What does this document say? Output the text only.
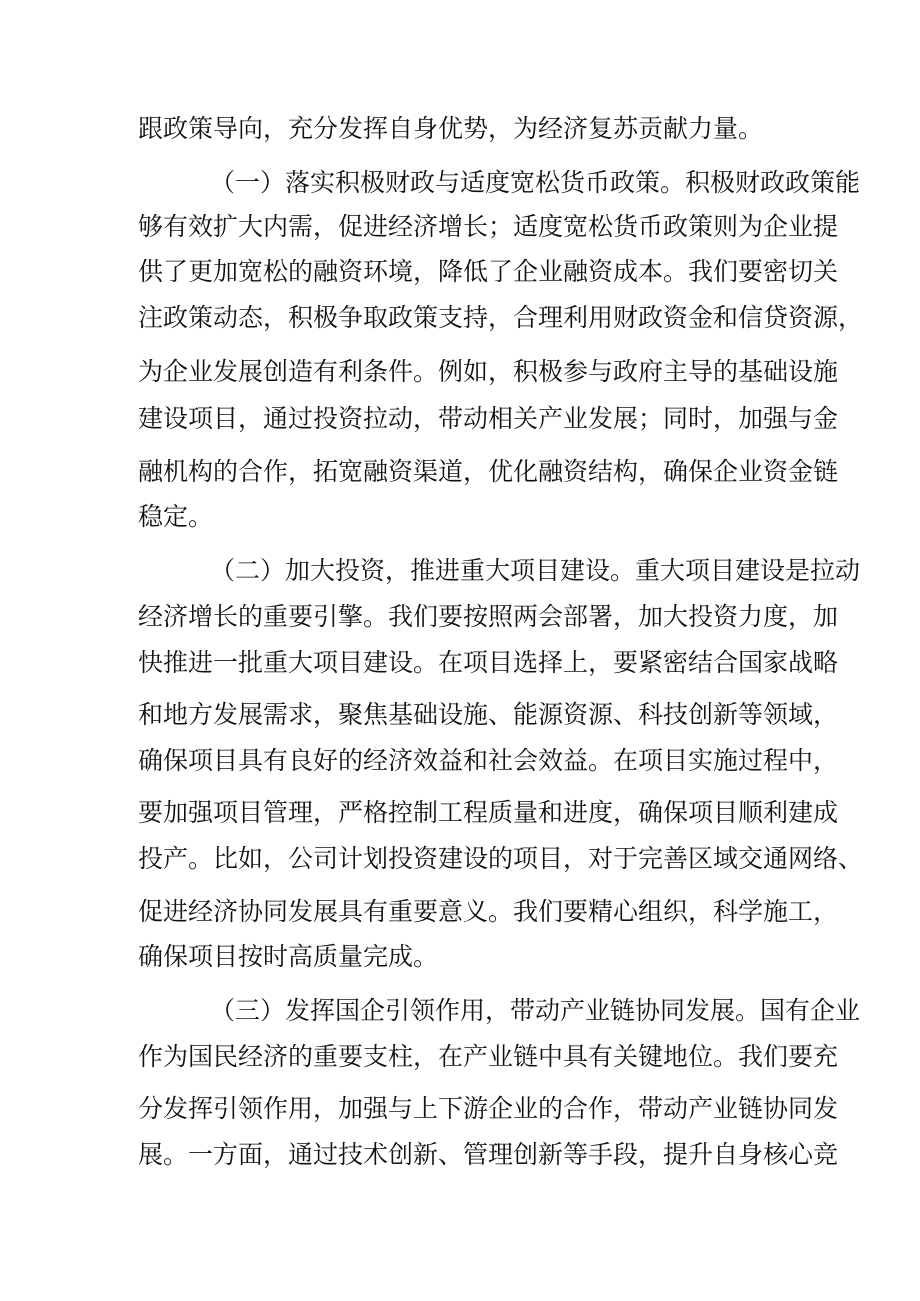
跟政策导向，充分发挥自身优势，为经济复苏贡献力量。
（一）落实积极财政与适度宽松货币政策。积极财政政策能
够有效扩大内需，促进经济增长；适度宽松货币政策则为企业提
供了更加宽松的融资环境，降低了企业融资成本。我们要密切关
注政策动态，积极争取政策支持，合理利用财政资金和信贷资源，
为企业发展创造有利条件。例如，积极参与政府主导的基础设施
建设项目，通过投资拉动，带动相关产业发展；同时，加强与金
融机构的合作，拓宽融资渠道，优化融资结构，确保企业资金链
稳定。
（二）加大投资，推进重大项目建设。重大项目建设是拉动
经济增长的重要引擎。我们要按照两会部署，加大投资力度，加
快推进一批重大项目建设。在项目选择上，要紧密结合国家战略
和地方发展需求，聚焦基础设施、能源资源、科技创新等领域，
确保项目具有良好的经济效益和社会效益。在项目实施过程中，
要加强项目管理，严格控制工程质量和进度，确保项目顺利建成
投产。比如，公司计划投资建设的项目，对于完善区域交通网络、
促进经济协同发展具有重要意义。我们要精心组织，科学施工，
确保项目按时高质量完成。
（三）发挥国企引领作用，带动产业链协同发展。国有企业
作为国民经济的重要支柱，在产业链中具有关键地位。我们要充
分发挥引领作用，加强与上下游企业的合作，带动产业链协同发
展。一方面，通过技术创新、管理创新等手段，提升自身核心竞
